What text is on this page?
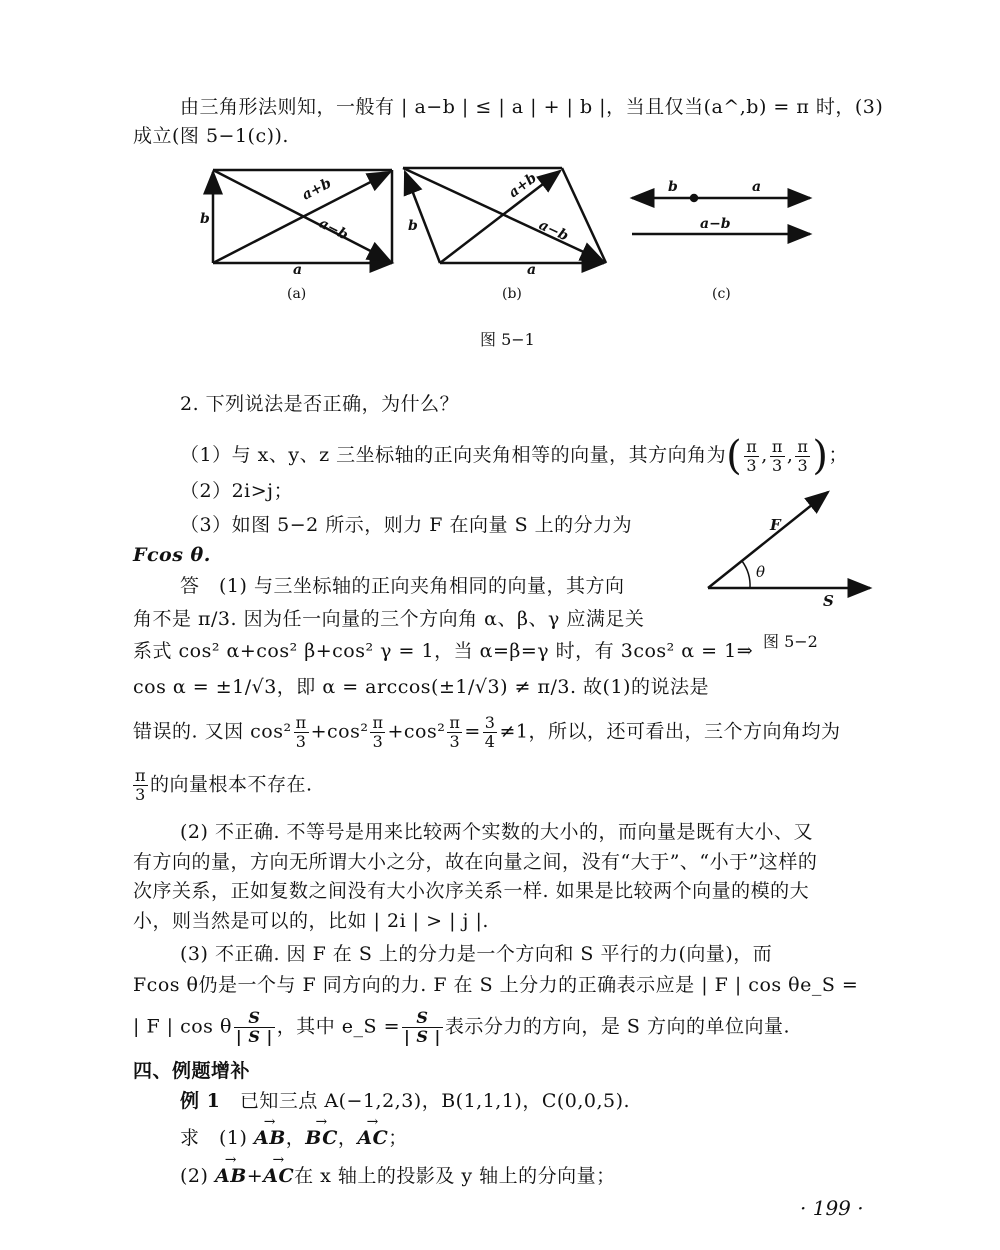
由三角形法则知，一般有 | a−b | ≤ | a | + | b |，当且仅当(a^,b) = π 时，(3)
成立(图 5−1(c)).
a+b
a−b
a
b
a+b
a−b
a
b
b	a
a−b
(a)	(b)	(c)
图 5−1
2. 下列说法是否正确，为什么？
（1）与 x、y、z 三坐标轴的正向夹角相等的向量，其方向角为( $\frac{\pi}{3}$ , $\frac{\pi}{3}$ , $\frac{\pi}{3}$ )；
（2）2i>j；
（3）如图 5−2 所示，则力 F 在向量 S 上的分力为
Fcos θ.
F
θ
S
图 5−2
答　(1) 与三坐标轴的正向夹角相同的向量，其方向
角不是 π/3. 因为任一向量的三个方向角 α、β、γ 应满足关
系式 cos² α+cos² β+cos² γ = 1，当 α=β=γ 时，有 3cos² α = 1⇒
cos α = ±1/√3，即 α = arccos(±1/√3) ≠ π/3. 故(1)的说法是
错误的. 又因 $\cos^2 \frac{\pi}{3} +\cos^2 \frac{\pi}{3} +\cos^2 \frac{\pi}{3} = \frac{3}{4} \ne 1$，所以，还可看出，三个方向角均为
$\frac{\pi}{3}$ 的向量根本不存在.
(2) 不正确. 不等号是用来比较两个实数的大小的，而向量是既有大小、又
有方向的量，方向无所谓大小之分，故在向量之间，没有“大于”、“小于”这样的
次序关系，正如复数之间没有大小次序关系一样. 如果是比较两个向量的模的大
小，则当然是可以的，比如 | 2i | > | j |.
(3) 不正确. 因 F 在 S 上的分力是一个方向和 S 平行的力(向量)，而
Fcos θ仍是一个与 F 同方向的力. F 在 S 上分力的正确表示应是 | F | cos θe_S =
| F | cos θ $\frac{S}{| S |}$ ，其中 e_S = $\frac{S}{| S |}$ 表示分力的方向，是 S 方向的单位向量.
四、例题增补
例 1　 已知三点 A(−1,2,3)，B(1,1,1)，C(0,0,5).
求　(1) → AB，→ BC，→ AC；
(2) → AB+→ AC在 x 轴上的投影及 y 轴上的分向量；
· 199 ·
